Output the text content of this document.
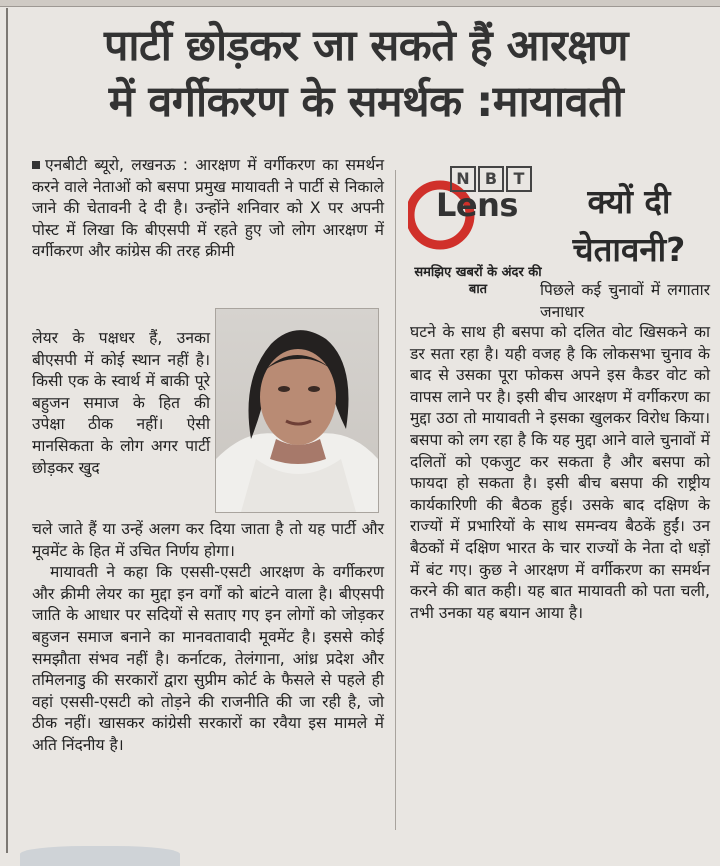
पार्टी छोड़कर जा सकते हैं आरक्षण
में वर्गीकरण के समर्थक :मायावती

एनबीटी ब्यूरो, लखनऊ : आरक्षण में वर्गीकरण का समर्थन करने वाले नेताओं को बसपा प्रमुख मायावती ने पार्टी से निकाले जाने की चेतावनी दे दी है। उन्होंने शनिवार को X पर अपनी पोस्ट में लिखा कि बीएसपी में रहते हुए जो लोग आरक्षण में वर्गीकरण और कांग्रेस की तरह क्रीमी

लेयर के पक्षधर हैं, उनका बीएसपी में कोई स्थान नहीं है। किसी एक के स्वार्थ में बाकी पूरे बहुजन समाज के हित की उपेक्षा ठीक नहीं। ऐसी मानसिकता के लोग अगर पार्टी छोड़कर खुद

चले जाते हैं या उन्हें अलग कर दिया जाता है तो यह पार्टी और मूवमेंट के हित में उचित निर्णय होगा।

मायावती ने कहा कि एससी-एसटी आरक्षण के वर्गीकरण और क्रीमी लेयर का मुद्दा इन वर्गों को बांटने वाला है। बीएसपी जाति के आधार पर सदियों से सताए गए इन लोगों को जोड़कर बहुजन समाज बनाने का मानवतावादी मूवमेंट है। इससे कोई समझौता संभव नहीं है। कर्नाटक, तेलंगाना, आंध्र प्रदेश और तमिलनाडु की सरकारों द्वारा सुप्रीम कोर्ट के फैसले से पहले ही वहां एससी-एसटी को तोड़ने की राजनीति की जा रही है, जो ठीक नहीं। खासकर कांग्रेसी सरकारों का रवैया इस मामले में अति निंदनीय है।

N B	T
Lens
समझिए खबरों के अंदर की बात
क्यों दी चेतावनी?

पिछले कई चुनावों में लगातार जनाधार

घटने के साथ ही बसपा को दलित वोट खिसकने का डर सता रहा है। यही वजह है कि लोकसभा चुनाव के बाद से उसका पूरा फोकस अपने इस कैडर वोट को वापस लाने पर है। इसी बीच आरक्षण में वर्गीकरण का मुद्दा उठा तो मायावती ने इसका खुलकर विरोध किया। बसपा को लग रहा है कि यह मुद्दा आने वाले चुनावों में दलितों को एकजुट कर सकता है और बसपा को फायदा हो सकता है। इसी बीच बसपा की राष्ट्रीय कार्यकारिणी की बैठक हुई। उसके बाद दक्षिण के राज्यों में प्रभारियों के साथ समन्वय बैठकें हुईं। उन बैठकों में दक्षिण भारत के चार राज्यों के नेता दो धड़ों में बंट गए। कुछ ने आरक्षण में वर्गीकरण का समर्थन करने की बात कही। यह बात मायावती को पता चली, तभी उनका यह बयान आया है।
